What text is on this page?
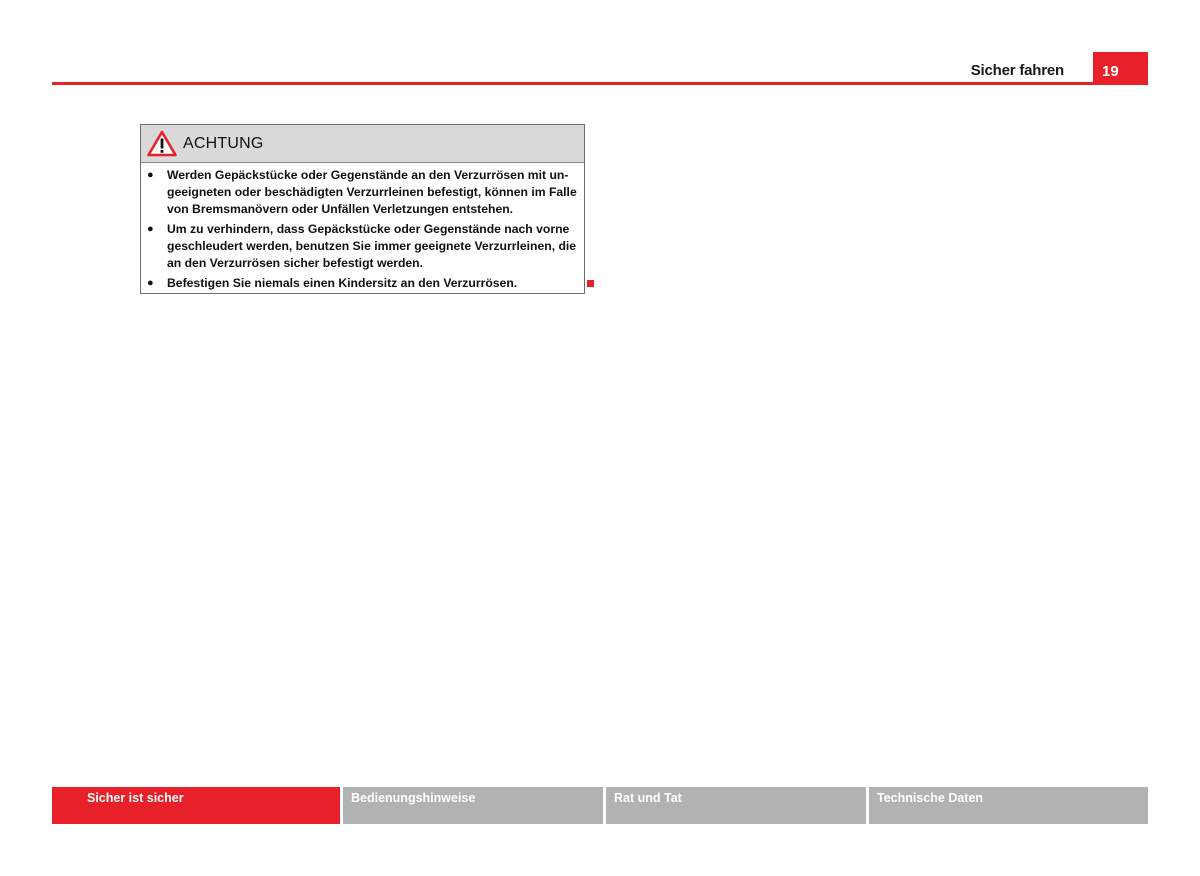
Sicher fahren	19
ACHTUNG
●	Werden Gepäckstücke oder Gegenstände an den Verzurrösen mit un-
geeigneten oder beschädigten Verzurrleinen befestigt, können im Falle
von Bremsmanövern oder Unfällen Verletzungen entstehen.
●	Um zu verhindern, dass Gepäckstücke oder Gegenstände nach vorne
geschleudert werden, benutzen Sie immer geeignete Verzurrleinen, die
an den Verzurrösen sicher befestigt werden.
●	Befestigen Sie niemals einen Kindersitz an den Verzurrösen.
Sicher ist sicher	Bedienungshinweise	Rat und Tat	Technische Daten
